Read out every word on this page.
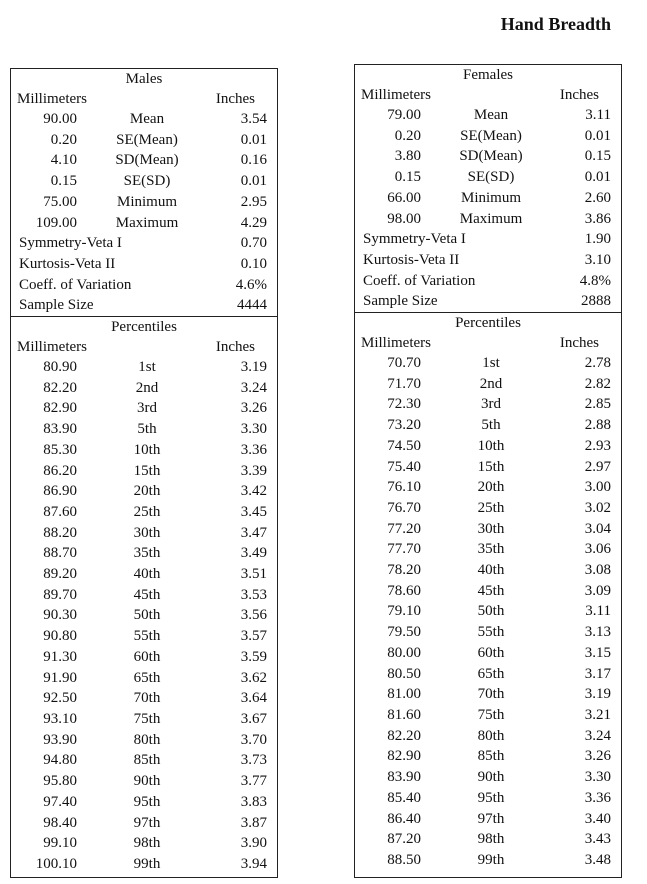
Hand Breadth
Males
Millimeters	Inches
90.00	Mean	3.54
0.20	SE(Mean)	0.01
4.10	SD(Mean)	0.16
0.15	SE(SD)	0.01
75.00	Minimum	2.95
109.00	Maximum	4.29
Symmetry-Veta I	0.70
Kurtosis-Veta II	0.10
Coeff. of Variation	4.6%
Sample Size	4444
Percentiles
Millimeters	Inches
80.90	1st	3.19
82.20	2nd	3.24
82.90	3rd	3.26
83.90	5th	3.30
85.30	10th	3.36
86.20	15th	3.39
86.90	20th	3.42
87.60	25th	3.45
88.20	30th	3.47
88.70	35th	3.49
89.20	40th	3.51
89.70	45th	3.53
90.30	50th	3.56
90.80	55th	3.57
91.30	60th	3.59
91.90	65th	3.62
92.50	70th	3.64
93.10	75th	3.67
93.90	80th	3.70
94.80	85th	3.73
95.80	90th	3.77
97.40	95th	3.83
98.40	97th	3.87
99.10	98th	3.90
100.10	99th	3.94
Females
Millimeters	Inches
79.00	Mean	3.11
0.20	SE(Mean)	0.01
3.80	SD(Mean)	0.15
0.15	SE(SD)	0.01
66.00	Minimum	2.60
98.00	Maximum	3.86
Symmetry-Veta I	1.90
Kurtosis-Veta II	3.10
Coeff. of Variation	4.8%
Sample Size	2888
Percentiles
Millimeters	Inches
70.70	1st	2.78
71.70	2nd	2.82
72.30	3rd	2.85
73.20	5th	2.88
74.50	10th	2.93
75.40	15th	2.97
76.10	20th	3.00
76.70	25th	3.02
77.20	30th	3.04
77.70	35th	3.06
78.20	40th	3.08
78.60	45th	3.09
79.10	50th	3.11
79.50	55th	3.13
80.00	60th	3.15
80.50	65th	3.17
81.00	70th	3.19
81.60	75th	3.21
82.20	80th	3.24
82.90	85th	3.26
83.90	90th	3.30
85.40	95th	3.36
86.40	97th	3.40
87.20	98th	3.43
88.50	99th	3.48
